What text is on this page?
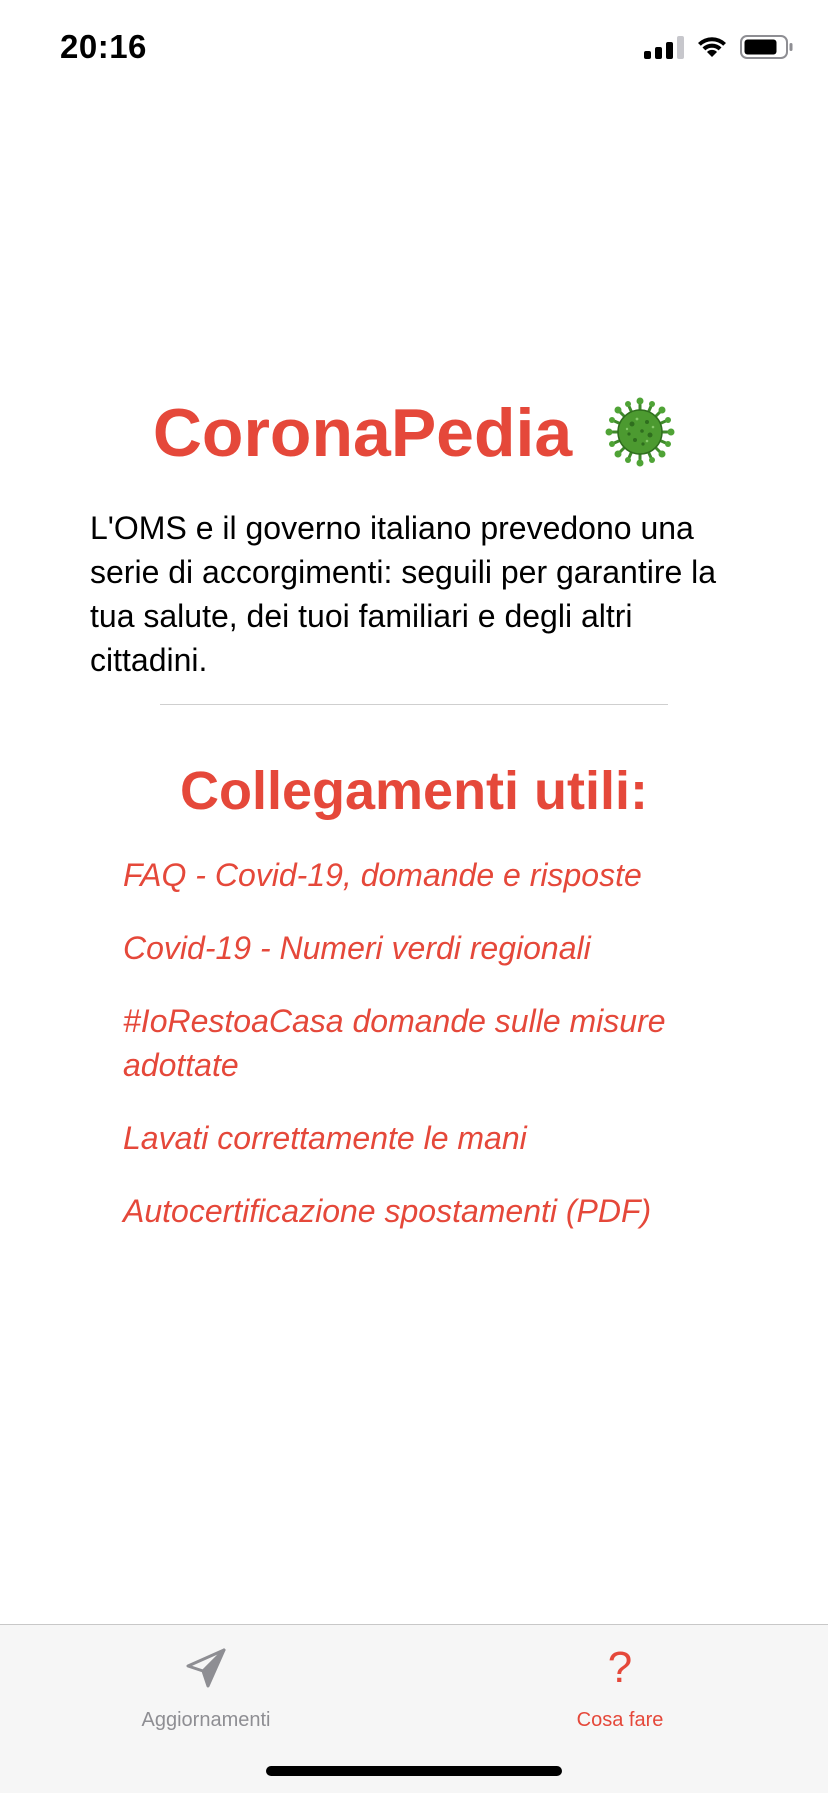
20:16
CoronaPedia
L'OMS e il governo italiano prevedono una serie di accorgimenti: seguili per garantire la tua salute, dei tuoi familiari e degli altri cittadini.
Collegamenti utili:
FAQ - Covid-19, domande e risposte
Covid-19 - Numeri verdi regionali
#IoRestoaCasa domande sulle misure adottate
Lavati correttamente le mani
Autocertificazione spostamenti (PDF)
Aggiornamenti
?
Cosa fare
